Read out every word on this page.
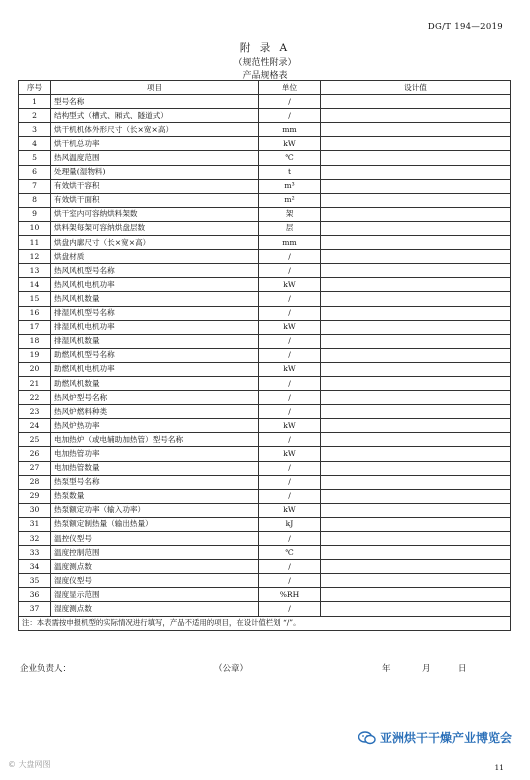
DG/T 194—2019
附 录 A
（规范性附录）
产品规格表
序号	项目	单位	设计值
1	型号名称	/	
2	结构型式（槽式、厢式、隧道式）	/	
3	烘干机机体外形尺寸（长×宽×高）	mm	
4	烘干机总功率	kW	
5	热风温度范围	℃	
6	处理量(湿物料)	t	
7	有效烘干容积	m³	
8	有效烘干面积	m²	
9	烘干室内可容纳烘料架数	架	
10	烘料架每架可容纳烘盘层数	层	
11	烘盘内廓尺寸（长×宽×高）	mm	
12	烘盘材质	/	
13	热风风机型号名称	/	
14	热风风机电机功率	kW	
15	热风风机数量	/	
16	排湿风机型号名称	/	
17	排湿风机电机功率	kW	
18	排湿风机数量	/	
19	助燃风机型号名称	/	
20	助燃风机电机功率	kW	
21	助燃风机数量	/	
22	热风炉型号名称	/	
23	热风炉燃料种类	/	
24	热风炉热功率	kW	
25	电加热炉（或电辅助加热管）型号名称	/	
26	电加热管功率	kW	
27	电加热管数量	/	
28	热泵型号名称	/	
29	热泵数量	/	
30	热泵额定功率（输入功率）	kW	
31	热泵额定制热量（输出热量）	kJ	
32	温控仪型号	/	
33	温度控制范围	℃	
34	温度测点数	/	
35	湿度仪型号	/	
36	湿度显示范围	%RH	
37	湿度测点数	/	
注：本表需按申报机型的实际情况进行填写，产品不适用的项目，在设计值栏划 “/”。			
企业负责人：	（公章）	年	月	日
亚洲烘干干燥产业博览会
© 大盘网图	11
